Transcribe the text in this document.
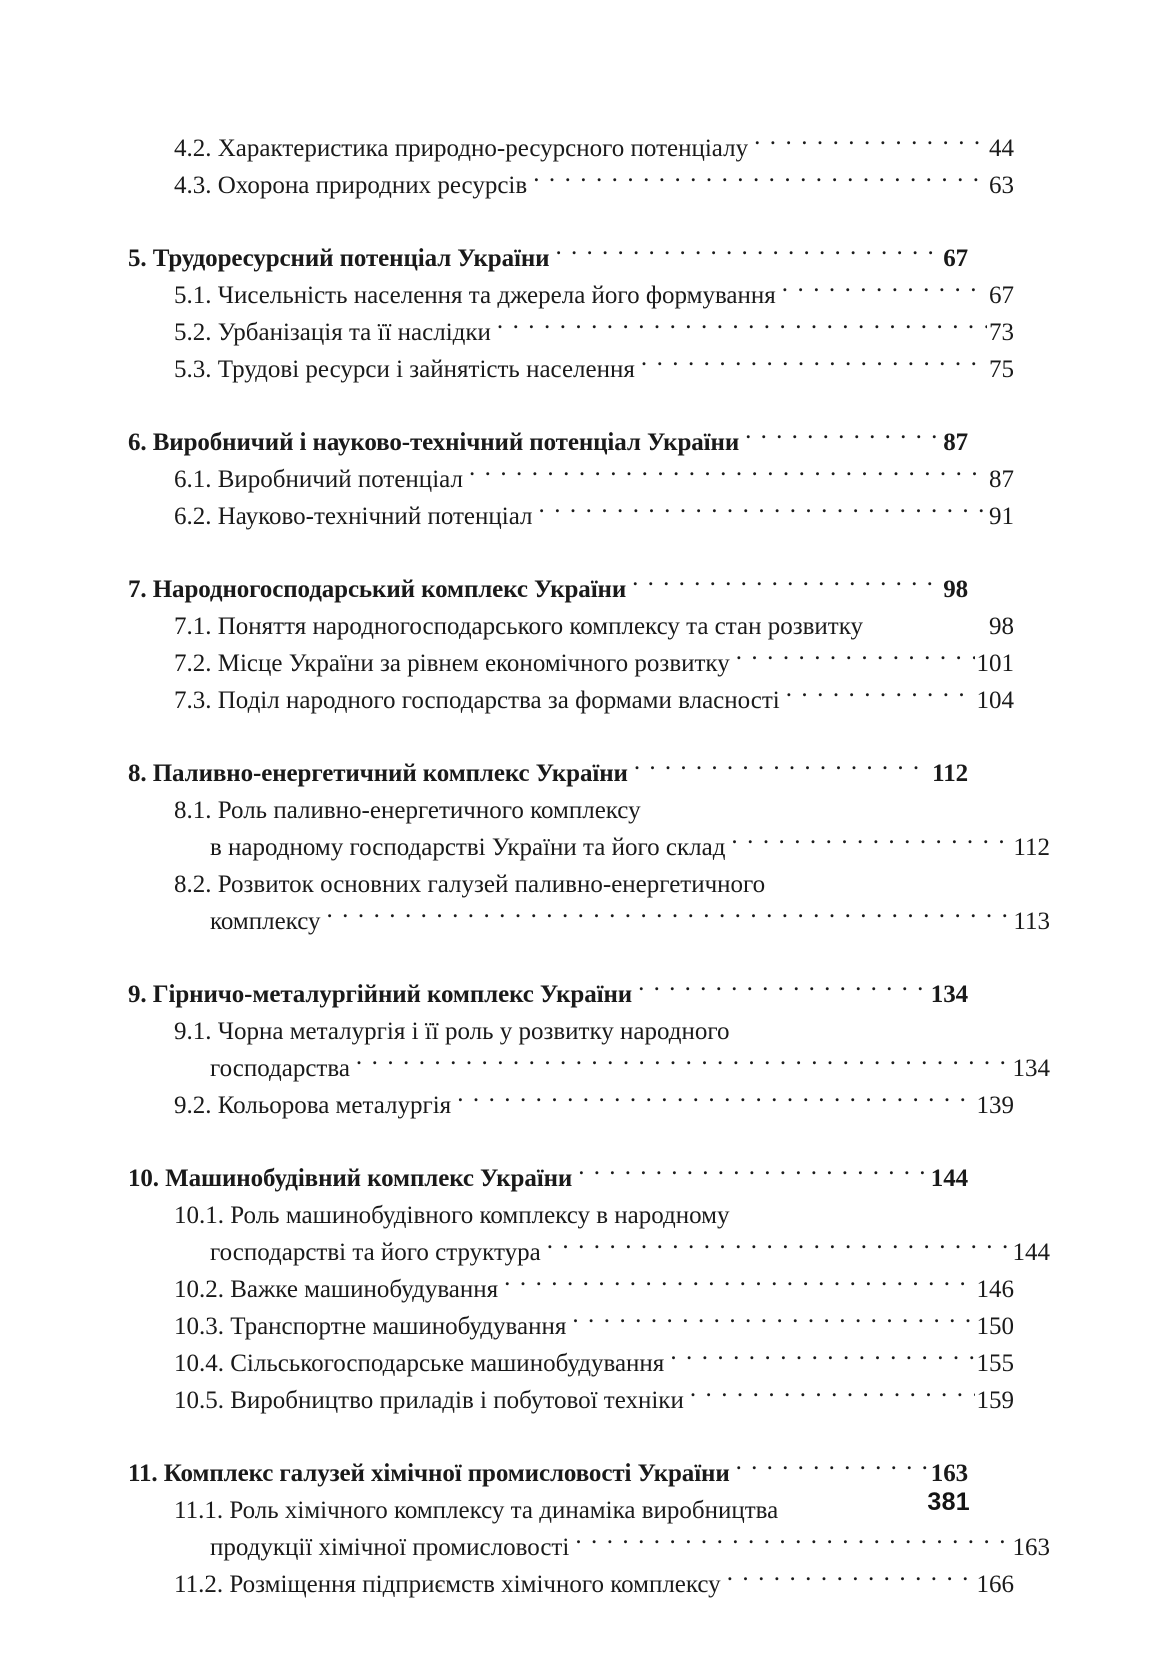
4.2. Характеристика природно-ресурсного потенціалу . . .	44
4.3. Охорона природних ресурсів . . .	63
5. Трудоресурсний потенціал України . . .	67
5.1. Чисельність населення та джерела його формування . . .	67
5.2. Урбанізація та її наслідки . . .	73
5.3. Трудові ресурси і зайнятість населення . . .	75
6. Виробничий і науково-технічний потенціал України . . .	87
6.1. Виробничий потенціал . . .	87
6.2. Науково-технічний потенціал . . .	91
7. Народногосподарський комплекс України . . .	98
7.1. Поняття народногосподарського комплексу та стан розвитку	98
7.2. Місце України за рівнем економічного розвитку . . .	101
7.3. Поділ народного господарства за формами власності . . .	104
8. Паливно-енергетичний комплекс України . . .	112
8.1. Роль паливно-енергетичного комплексу
в народному господарстві України та його склад . . .	112
8.2. Розвиток основних галузей паливно-енергетичного
комплексу . . .	113
9. Гірничо-металургійний комплекс України . . .	134
9.1. Чорна металургія і її роль у розвитку народного
господарства . . .	134
9.2. Кольорова металургія . . .	139
10. Машинобудівний комплекс України . . .	144
10.1. Роль машинобудівного комплексу в народному
господарстві та його структура . . .	144
10.2. Важке машинобудування . . .	146
10.3. Транспортне машинобудування . . .	150
10.4. Сільськогосподарське машинобудування . . .	155
10.5. Виробництво приладів і побутової техніки . . .	159
11. Комплекс галузей хімічної промисловості України . . .	163
11.1. Роль хімічного комплексу та динаміка виробництва
продукції хімічної промисловості . . .	163
11.2. Розміщення підприємств хімічного комплексу . . .	166
381
